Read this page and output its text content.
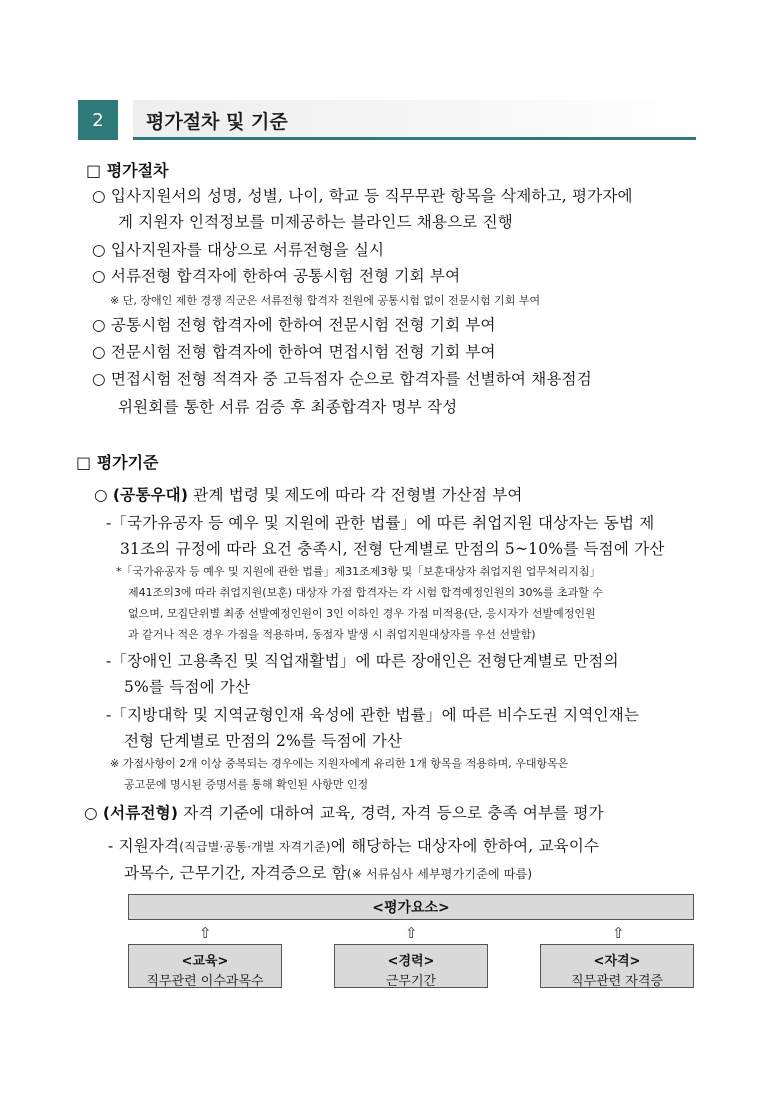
2 평가절차 및 기준
□ 평가절차
○ 입사지원서의 성명, 성별, 나이, 학교 등 직무무관 항목을 삭제하고, 평가자에
게 지원자 인적정보를 미제공하는 블라인드 채용으로 진행
○ 입사지원자를 대상으로 서류전형을 실시
○ 서류전형 합격자에 한하여 공통시험 전형 기회 부여
※ 단, 장애인 제한 경쟁 직군은 서류전형 합격자 전원에 공통시험 없이 전문시험 기회 부여
○ 공통시험 전형 합격자에 한하여 전문시험 전형 기회 부여
○ 전문시험 전형 합격자에 한하여 면접시험 전형 기회 부여
○ 면접시험 전형 적격자 중 고득점자 순으로 합격자를 선별하여 채용점검
위원회를 통한 서류 검증 후 최종합격자 명부 작성
□ 평가기준
○ (공통우대) 관계 법령 및 제도에 따라 각 전형별 가산점 부여
-「국가유공자 등 예우 및 지원에 관한 법률」에 따른 취업지원 대상자는 동법 제
31조의 규정에 따라 요건 충족시, 전형 단계별로 만점의 5~10%를 득점에 가산
*「국가유공자 등 예우 및 지원에 관한 법률」제31조제3항 및「보훈대상자 취업지원 업무처리지침」
제41조의3에 따라 취업지원(보훈) 대상자 가점 합격자는 각 시험 합격예정인원의 30%를 초과할 수
없으며, 모집단위별 최종 선발예정인원이 3인 이하인 경우 가점 미적용(단, 응시자가 선발예정인원
과 같거나 적은 경우 가점을 적용하며, 동점자 발생 시 취업지원대상자를 우선 선발함)
-「장애인 고용촉진 및 직업재활법」에 따른 장애인은 전형단계별로 만점의
5%를 득점에 가산
-「지방대학 및 지역균형인재 육성에 관한 법률」에 따른 비수도권 지역인재는
전형 단계별로 만점의 2%를 득점에 가산
※ 가점사항이 2개 이상 중복되는 경우에는 지원자에게 유리한 1개 항목을 적용하며, 우대항목은
공고문에 명시된 증명서를 통해 확인된 사항만 인정
○ (서류전형) 자격 기준에 대하여 교육, 경력, 자격 등으로 충족 여부를 평가
- 지원자격(직급별·공통·개별 자격기준)에 해당하는 대상자에 한하여, 교육이수
과목수, 근무기간, 자격증으로 함(※ 서류심사 세부평가기준에 따름)
<평가요소>
⇧	⇧	⇧
<교육>
직무관련 이수과목수
<경력>
근무기간
<자격>
직무관련 자격증
